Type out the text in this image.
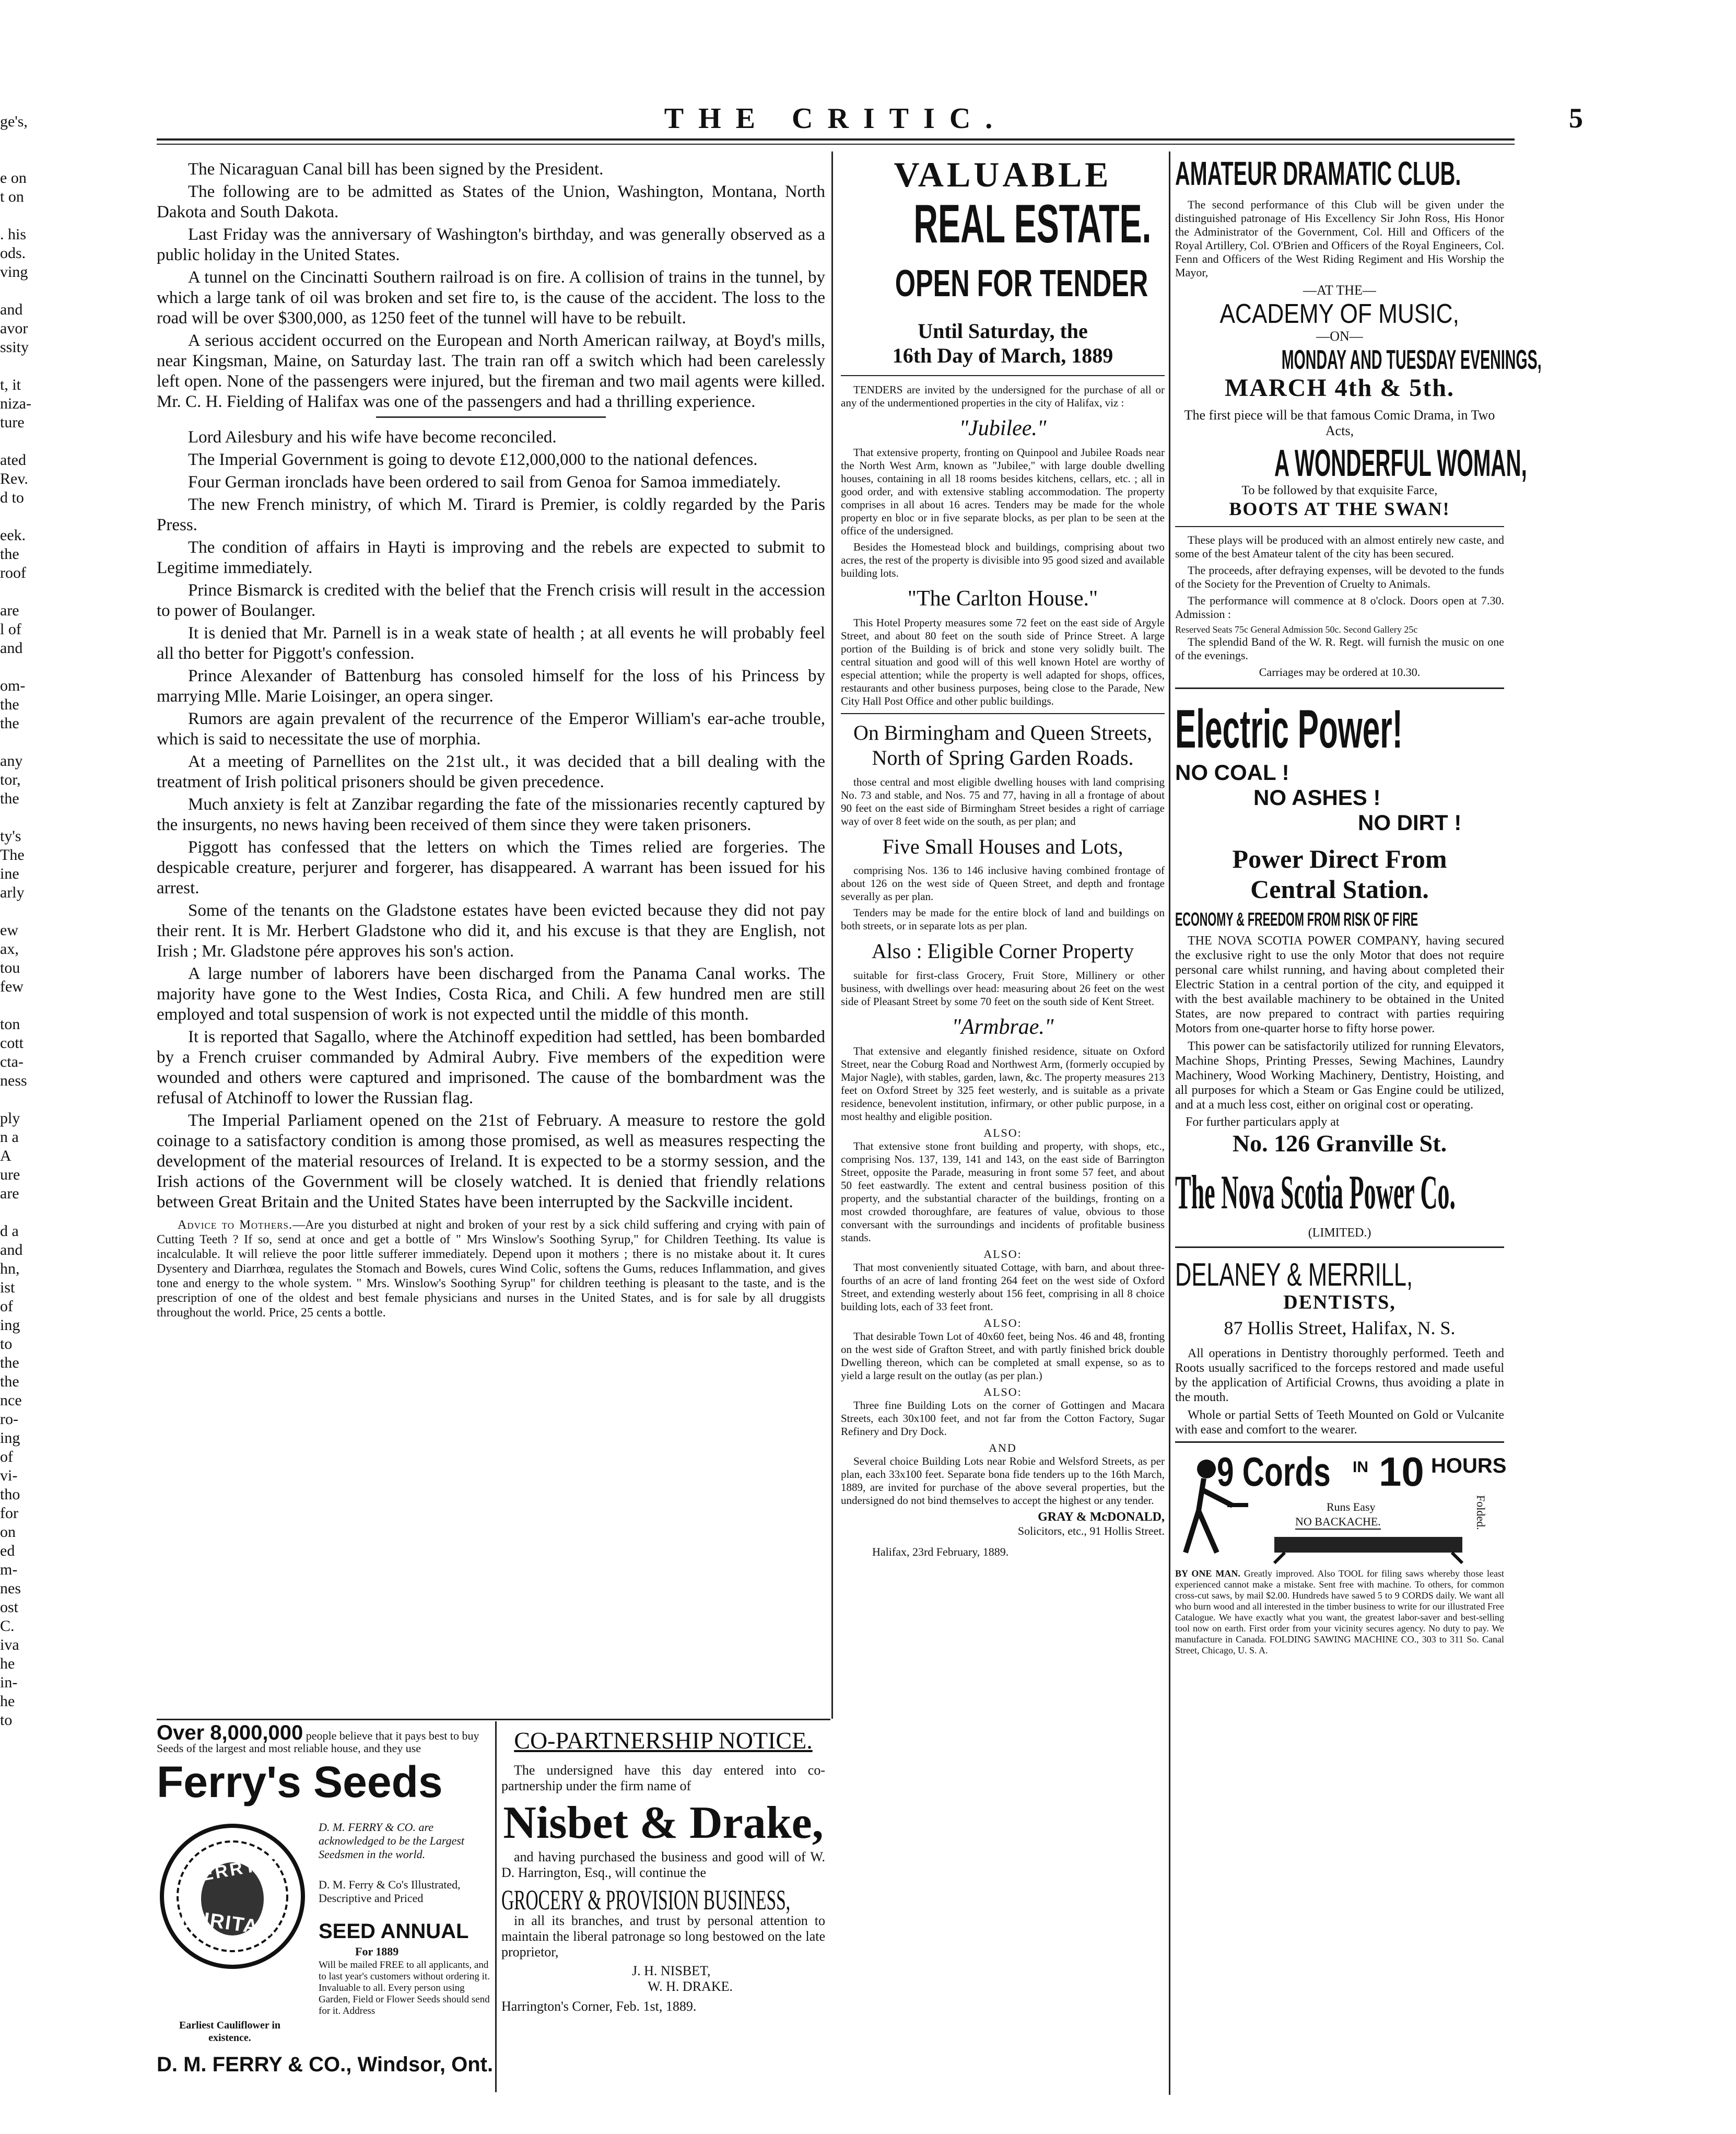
THE CRITIC.	5
ge's,
e on
t on
. his
ods.
ving
and
avor
ssity
t, it
niza-
ture
ated
Rev.
d to
eek.
the
roof
are
l of
and
om-
the
the
any
tor,
the
ty's
The
ine
arly
ew
ax,
tou
few
ton
cott
cta-
ness
ply
n a
A
ure
are
d a
and
hn,
ist
of
ing
to
the
the
nce
ro-
ing
of
vi-
tho
for
on
ed
m-
nes
ost
C.
iva
he
in-
he
to

The Nicaraguan Canal bill has been signed by the President.

The following are to be admitted as States of the Union, Washington, Montana, North Dakota and South Dakota.

Last Friday was the anniversary of Washington's birthday, and was generally observed as a public holiday in the United States.

A tunnel on the Cincinatti Southern railroad is on fire. A collision of trains in the tunnel, by which a large tank of oil was broken and set fire to, is the cause of the accident. The loss to the road will be over $300,000, as 1250 feet of the tunnel will have to be rebuilt.

A serious accident occurred on the European and North American railway, at Boyd's mills, near Kingsman, Maine, on Saturday last. The train ran off a switch which had been carelessly left open. None of the passengers were injured, but the fireman and two mail agents were killed. Mr. C. H. Fielding of Halifax was one of the passengers and had a thrilling experience.

Lord Ailesbury and his wife have become reconciled.

The Imperial Government is going to devote £12,000,000 to the national defences.

Four German ironclads have been ordered to sail from Genoa for Samoa immediately.

The new French ministry, of which M. Tirard is Premier, is coldly regarded by the Paris Press.

The condition of affairs in Hayti is improving and the rebels are expected to submit to Legitime immediately.

Prince Bismarck is credited with the belief that the French crisis will result in the accession to power of Boulanger.

It is denied that Mr. Parnell is in a weak state of health ; at all events he will probably feel all tho better for Piggott's confession.

Prince Alexander of Battenburg has consoled himself for the loss of his Princess by marrying Mlle. Marie Loisinger, an opera singer.

Rumors are again prevalent of the recurrence of the Emperor William's ear-ache trouble, which is said to necessitate the use of morphia.

At a meeting of Parnellites on the 21st ult., it was decided that a bill dealing with the treatment of Irish political prisoners should be given precedence.

Much anxiety is felt at Zanzibar regarding the fate of the missionaries recently captured by the insurgents, no news having been received of them since they were taken prisoners.

Piggott has confessed that the letters on which the Times relied are forgeries. The despicable creature, perjurer and forgerer, has disappeared. A warrant has been issued for his arrest.

Some of the tenants on the Gladstone estates have been evicted because they did not pay their rent. It is Mr. Herbert Gladstone who did it, and his excuse is that they are English, not Irish ; Mr. Gladstone pére approves his son's action.

A large number of laborers have been discharged from the Panama Canal works. The majority have gone to the West Indies, Costa Rica, and Chili. A few hundred men are still employed and total suspension of work is not expected until the middle of this month.

It is reported that Sagallo, where the Atchinoff expedition had settled, has been bombarded by a French cruiser commanded by Admiral Aubry. Five members of the expedition were wounded and others were captured and imprisoned. The cause of the bombardment was the refusal of Atchinoff to lower the Russian flag.

The Imperial Parliament opened on the 21st of February. A measure to restore the gold coinage to a satisfactory condition is among those promised, as well as measures respecting the development of the material resources of Ireland. It is expected to be a stormy session, and the Irish actions of the Government will be closely watched. It is denied that friendly relations between Great Britain and the United States have been interrupted by the Sackville incident.

Advice to Mothers.—Are you disturbed at night and broken of your rest by a sick child suffering and crying with pain of Cutting Teeth ? If so, send at once and get a bottle of " Mrs Winslow's Soothing Syrup," for Children Teething. Its value is incalculable. It will relieve the poor little sufferer immediately. Depend upon it mothers ; there is no mistake about it. It cures Dysentery and Diarrhœa, regulates the Stomach and Bowels, cures Wind Colic, softens the Gums, reduces Inflammation, and gives tone and energy to the whole system. " Mrs. Winslow's Soothing Syrup" for children teething is pleasant to the taste, and is the prescription of one of the oldest and best female physicians and nurses in the United States, and is for sale by all druggists throughout the world. Price, 25 cents a bottle.

VALUABLE
REAL ESTATE.
OPEN FOR TENDER
Until Saturday, the
16th Day of March, 1889

TENDERS are invited by the undersigned for the purchase of all or any of the undermentioned properties in the city of Halifax, viz :

"Jubilee."

That extensive property, fronting on Quinpool and Jubilee Roads near the North West Arm, known as "Jubilee," with large double dwelling houses, containing in all 18 rooms besides kitchens, cellars, etc. ; all in good order, and with extensive stabling accommodation. The property comprises in all about 16 acres. Tenders may be made for the whole property en bloc or in five separate blocks, as per plan to be seen at the office of the undersigned.

Besides the Homestead block and buildings, comprising about two acres, the rest of the property is divisible into 95 good sized and available building lots.

"The Carlton House."

This Hotel Property measures some 72 feet on the east side of Argyle Street, and about 80 feet on the south side of Prince Street. A large portion of the Building is of brick and stone very solidly built. The central situation and good will of this well known Hotel are worthy of especial attention; while the property is well adapted for shops, offices, restaurants and other business purposes, being close to the Parade, New City Hall Post Office and other public buildings.

On Birmingham and Queen Streets, North of Spring Garden Roads.

those central and most eligible dwelling houses with land comprising No. 73 and stable, and Nos. 75 and 77, having in all a frontage of about 90 feet on the east side of Birmingham Street besides a right of carriage way of over 8 feet wide on the south, as per plan; and

Five Small Houses and Lots,

comprising Nos. 136 to 146 inclusive having combined frontage of about 126 on the west side of Queen Street, and depth and frontage severally as per plan.

Tenders may be made for the entire block of land and buildings on both streets, or in separate lots as per plan.

Also : Eligible Corner Property

suitable for first-class Grocery, Fruit Store, Millinery or other business, with dwellings over head: measuring about 26 feet on the west side of Pleasant Street by some 70 feet on the south side of Kent Street.

"Armbrae."

That extensive and elegantly finished residence, situate on Oxford Street, near the Coburg Road and Northwest Arm, (formerly occupied by Major Nagle), with stables, garden, lawn, &c. The property measures 213 feet on Oxford Street by 325 feet westerly, and is suitable as a private residence, benevolent institution, infirmary, or other public purpose, in a most healthy and eligible position.

ALSO:

That extensive stone front building and property, with shops, etc., comprising Nos. 137, 139, 141 and 143, on the east side of Barrington Street, opposite the Parade, measuring in front some 57 feet, and about 50 feet eastwardly. The extent and central business position of this property, and the substantial character of the buildings, fronting on a most crowded thoroughfare, are features of value, obvious to those conversant with the surroundings and incidents of profitable business stands.

ALSO:

That most conveniently situated Cottage, with barn, and about three-fourths of an acre of land fronting 264 feet on the west side of Oxford Street, and extending westerly about 156 feet, comprising in all 8 choice building lots, each of 33 feet front.

ALSO:

That desirable Town Lot of 40x60 feet, being Nos. 46 and 48, fronting on the west side of Grafton Street, and with partly finished brick double Dwelling thereon, which can be completed at small expense, so as to yield a large result on the outlay (as per plan.)

ALSO:

Three fine Building Lots on the corner of Gottingen and Macara Streets, each 30x100 feet, and not far from the Cotton Factory, Sugar Refinery and Dry Dock.

AND

Several choice Building Lots near Robie and Welsford Streets, as per plan, each 33x100 feet. Separate bona fide tenders up to the 16th March, 1889, are invited for purchase of the above several properties, but the undersigned do not bind themselves to accept the highest or any tender.

GRAY & McDONALD,
Solicitors, etc., 91 Hollis Street.
Halifax, 23rd February, 1889.
AMATEUR DRAMATIC CLUB.

The second performance of this Club will be given under the distinguished patronage of His Excellency Sir John Ross, His Honor the Administrator of the Government, Col. Hill and Officers of the Royal Artillery, Col. O'Brien and Officers of the Royal Engineers, Col. Fenn and Officers of the West Riding Regiment and His Worship the Mayor,

—AT THE—
ACADEMY OF MUSIC,
—ON—
MONDAY AND TUESDAY EVENINGS,
MARCH 4th & 5th.
The first piece will be that famous Comic Drama, in Two Acts,
A WONDERFUL WOMAN,
To be followed by that exquisite Farce,
BOOTS AT THE SWAN!

These plays will be produced with an almost entirely new caste, and some of the best Amateur talent of the city has been secured.

The proceeds, after defraying expenses, will be devoted to the funds of the Society for the Prevention of Cruelty to Animals.

The performance will commence at 8 o'clock. Doors open at 7.30. Admission :

Reserved Seats 75c General Admission 50c. Second Gallery 25c

The splendid Band of the W. R. Regt. will furnish the music on one of the evenings.

Carriages may be ordered at 10.30.
Electric Power!
NO COAL !
NO ASHES !
NO DIRT !
Power Direct From
Central Station.
ECONOMY & FREEDOM FROM RISK OF FIRE

THE NOVA SCOTIA POWER COMPANY, having secured the exclusive right to use the only Motor that does not require personal care whilst running, and having about completed their Electric Station in a central portion of the city, and equipped it with the best available machinery to be obtained in the United States, are now prepared to contract with parties requiring Motors from one-quarter horse to fifty horse power.

This power can be satisfactorily utilized for running Elevators, Machine Shops, Printing Presses, Sewing Machines, Laundry Machinery, Wood Working Machinery, Dentistry, Hoisting, and all purposes for which a Steam or Gas Engine could be utilized, and at a much less cost, either on original cost or operating.

For further particulars apply at
No. 126 Granville St.
The Nova Scotia Power Co.
(LIMITED.)
DELANEY & MERRILL,
DENTISTS,
87 Hollis Street, Halifax, N. S.

All operations in Dentistry thoroughly performed. Teeth and Roots usually sacrificed to the forceps restored and made useful by the application of Artificial Crowns, thus avoiding a plate in the mouth.

Whole or partial Setts of Teeth Mounted on Gold or Vulcanite with ease and comfort to the wearer.

9 Cords	IN 10 HOURS
Runs Easy
NO BACKACHE.	Folded.

BY ONE MAN. Greatly improved. Also TOOL for filing saws whereby those least experienced cannot make a mistake. Sent free with machine. To others, for common cross-cut saws, by mail $2.00. Hundreds have sawed 5 to 9 CORDS daily. We want all who burn wood and all interested in the timber business to write for our illustrated Free Catalogue. We have exactly what you want, the greatest labor-saver and best-selling tool now on earth. First order from your vicinity secures agency. No duty to pay. We manufacture in Canada. FOLDING SAWING MACHINE CO., 303 to 311 So. Canal Street, Chicago, U. S. A.

Over 8,000,000 people believe that it pays best to buy Seeds of the largest and most reliable house, and they use
Ferry's Seeds
FERRY'S
PURITAN
D. M. FERRY & CO. are acknowledged to be the Largest Seedsmen in the world.
D. M. Ferry & Co's Illustrated, Descriptive and Priced
SEED ANNUAL
For 1889
Will be mailed FREE to all applicants, and to last year's customers without ordering it. Invaluable to all. Every person using Garden, Field or Flower Seeds should send for it. Address
Earliest Cauliflower in existence.
D. M. FERRY & CO., Windsor, Ont.
CO-PARTNERSHIP NOTICE.

The undersigned have this day entered into co-partnership under the firm name of

Nisbet & Drake,

and having purchased the business and good will of W. D. Harrington, Esq., will continue the

GROCERY & PROVISION BUSINESS,

in all its branches, and trust by personal attention to maintain the liberal patronage so long bestowed on the late proprietor,

J. H. NISBET,
W. H. DRAKE.
Harrington's Corner, Feb. 1st, 1889.
